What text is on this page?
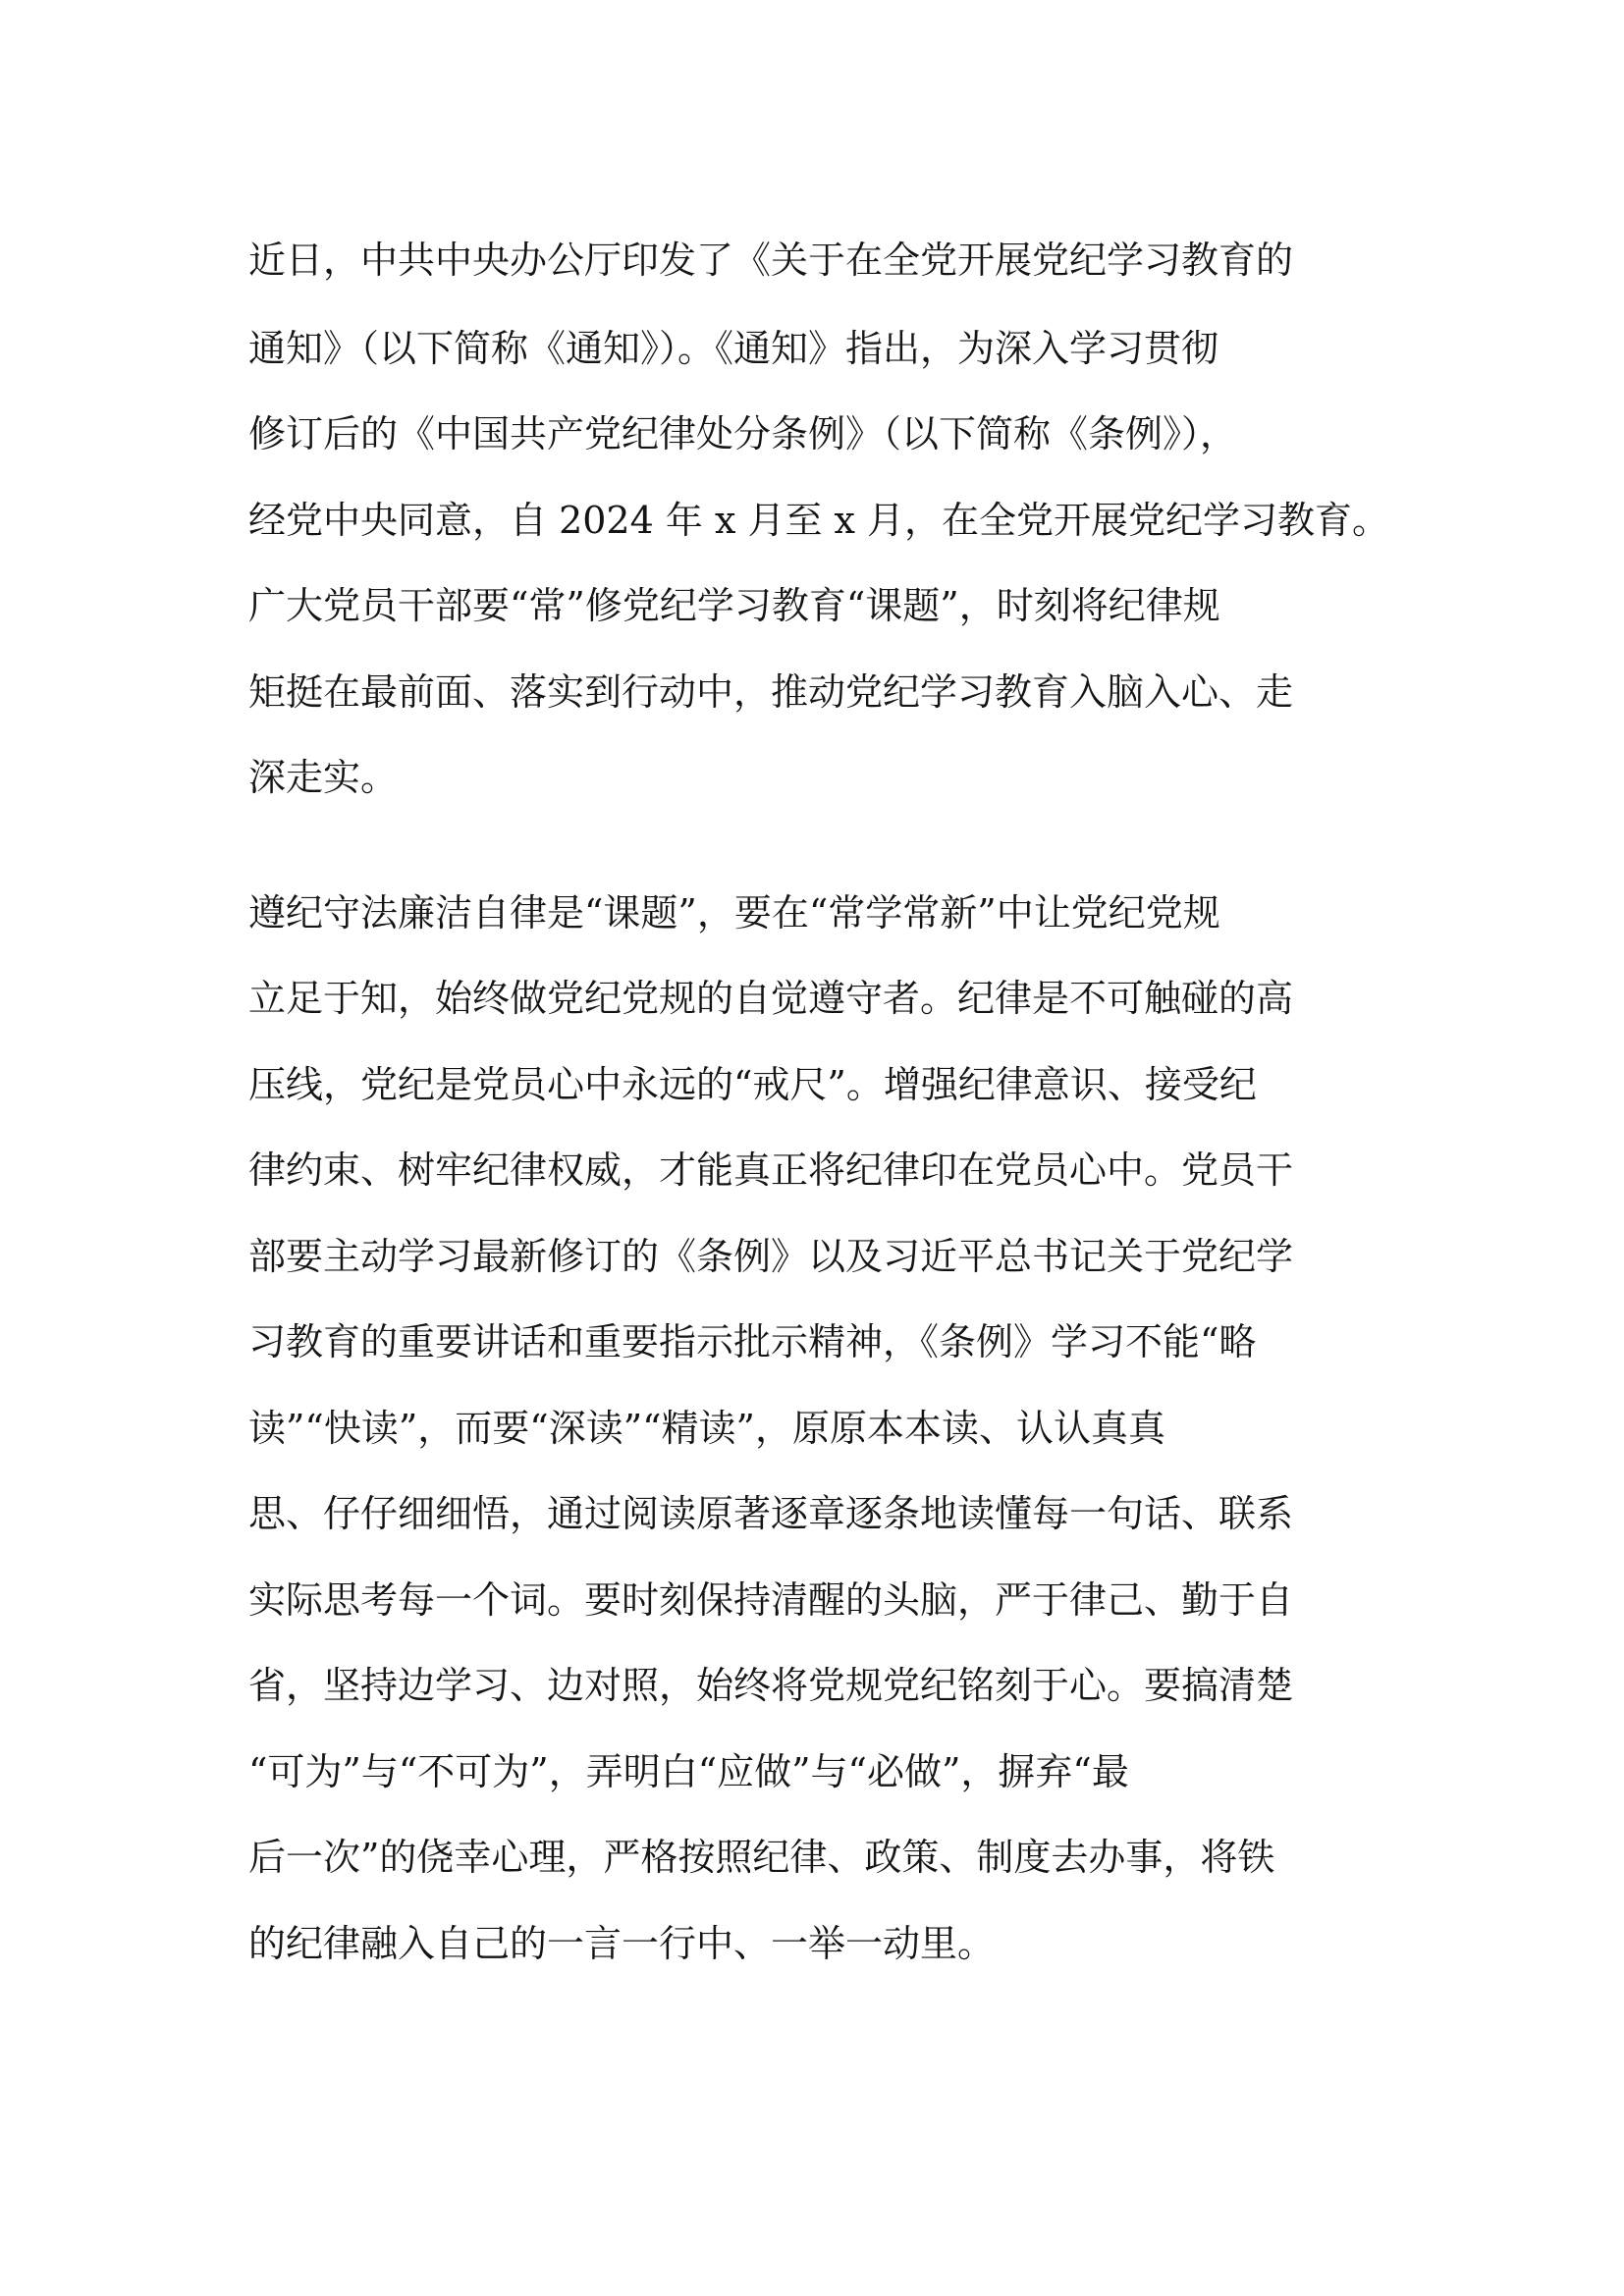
近日，中共中央办公厅印发了《关于在全党开展党纪学习教育的
通知》（以下简称《通知》）。《通知》指出，为深入学习贯彻
修订后的《中国共产党纪律处分条例》（以下简称《条例》），
经党中央同意，自 2024 年 x 月至 x 月，在全党开展党纪学习教育。
广大党员干部要“常”修党纪学习教育“课题”，时刻将纪律规
矩挺在最前面、落实到行动中，推动党纪学习教育入脑入心、走
深走实。
遵纪守法廉洁自律是“课题”，要在“常学常新”中让党纪党规
立足于知，始终做党纪党规的自觉遵守者。纪律是不可触碰的高
压线，党纪是党员心中永远的“戒尺”。增强纪律意识、接受纪
律约束、树牢纪律权威，才能真正将纪律印在党员心中。党员干
部要主动学习最新修订的《条例》以及习近平总书记关于党纪学
习教育的重要讲话和重要指示批示精神，《条例》学习不能“略
读”“快读”，而要“深读”“精读”，原原本本读、认认真真
思、仔仔细细悟，通过阅读原著逐章逐条地读懂每一句话、联系
实际思考每一个词。要时刻保持清醒的头脑，严于律己、勤于自
省，坚持边学习、边对照，始终将党规党纪铭刻于心。要搞清楚
“可为”与“不可为”，弄明白“应做”与“必做”，摒弃“最
后一次”的侥幸心理，严格按照纪律、政策、制度去办事，将铁
的纪律融入自己的一言一行中、一举一动里。
